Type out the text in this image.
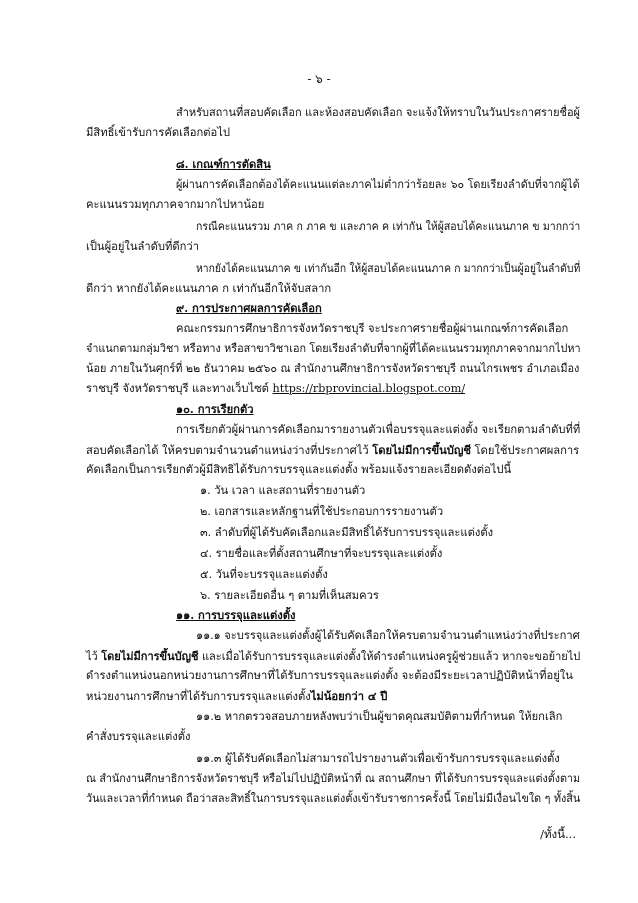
- ๖ -
สำหรับสถานที่สอบคัดเลือก และห้องสอบคัดเลือก จะแจ้งให้ทราบในวันประกาศรายชื่อผู้
มีสิทธิ์เข้ารับการคัดเลือกต่อไป
๘. เกณฑ์การตัดสิน
ผู้ผ่านการคัดเลือกต้องได้คะแนนแต่ละภาคไม่ต่ำกว่าร้อยละ ๖๐ โดยเรียงลำดับที่จากผู้ได้
คะแนนรวมทุกภาคจากมากไปหาน้อย
กรณีคะแนนรวม ภาค ก ภาค ข และภาค ค เท่ากัน ให้ผู้สอบได้คะแนนภาค ข มากกว่า
เป็นผู้อยู่ในลำดับที่ดีกว่า
หากยังได้คะแนนภาค ข เท่ากันอีก ให้ผู้สอบได้คะแนนภาค ก มากกว่าเป็นผู้อยู่ในลำดับที่
ดีกว่า หากยังได้คะแนนภาค ก เท่ากันอีกให้จับสลาก
๙. การประกาศผลการคัดเลือก
คณะกรรมการศึกษาธิการจังหวัดราชบุรี จะประกาศรายชื่อผู้ผ่านเกณฑ์การคัดเลือก
จำแนกตามกลุ่มวิชา หรือทาง หรือสาขาวิชาเอก โดยเรียงลำดับที่จากผู้ที่ได้คะแนนรวมทุกภาคจากมากไปหา
น้อย ภายในวันศุกร์ที่ ๒๒ ธันวาคม ๒๕๖๐ ณ สำนักงานศึกษาธิการจังหวัดราชบุรี ถนนไกรเพชร อำเภอเมือง
ราชบุรี จังหวัดราชบุรี และทางเว็บไซต์ https://rbprovincial.blogspot.com/
๑๐. การเรียกตัว
การเรียกตัวผู้ผ่านการคัดเลือกมารายงานตัวเพื่อบรรจุและแต่งตั้ง จะเรียกตามลำดับที่ที่
สอบคัดเลือกได้ ให้ครบตามจำนวนตำแหน่งว่างที่ประกาศไว้ โดยไม่มีการขึ้นบัญชี โดยใช้ประกาศผลการ
คัดเลือกเป็นการเรียกตัวผู้มีสิทธิได้รับการบรรจุและแต่งตั้ง พร้อมแจ้งรายละเอียดดังต่อไปนี้
๑. วัน เวลา และสถานที่รายงานตัว
๒. เอกสารและหลักฐานที่ใช้ประกอบการรายงานตัว
๓. ลำดับที่ผู้ได้รับคัดเลือกและมีสิทธิ์ได้รับการบรรจุและแต่งตั้ง
๔. รายชื่อและที่ตั้งสถานศึกษาที่จะบรรจุและแต่งตั้ง
๕. วันที่จะบรรจุและแต่งตั้ง
๖. รายละเอียดอื่น ๆ ตามที่เห็นสมควร
๑๑. การบรรจุและแต่งตั้ง
๑๑.๑ จะบรรจุและแต่งตั้งผู้ได้รับคัดเลือกให้ครบตามจำนวนตำแหน่งว่างที่ประกาศ
ไว้ โดยไม่มีการขึ้นบัญชี และเมื่อได้รับการบรรจุและแต่งตั้งให้ดำรงตำแหน่งครูผู้ช่วยแล้ว หากจะขอย้ายไป
ดำรงตำแหน่งนอกหน่วยงานการศึกษาที่ได้รับการบรรจุและแต่งตั้ง จะต้องมีระยะเวลาปฏิบัติหน้าที่อยู่ใน
หน่วยงานการศึกษาที่ได้รับการบรรจุและแต่งตั้งไม่น้อยกว่า ๔ ปี
๑๑.๒ หากตรวจสอบภายหลังพบว่าเป็นผู้ขาดคุณสมบัติตามที่กำหนด ให้ยกเลิก
คำสั่งบรรจุและแต่งตั้ง
๑๑.๓ ผู้ได้รับคัดเลือกไม่สามารถไปรายงานตัวเพื่อเข้ารับการบรรจุและแต่งตั้ง
ณ สำนักงานศึกษาธิการจังหวัดราชบุรี หรือไม่ไปปฏิบัติหน้าที่ ณ สถานศึกษา ที่ได้รับการบรรจุและแต่งตั้งตาม
วันและเวลาที่กำหนด ถือว่าสละสิทธิ์ในการบรรจุและแต่งตั้งเข้ารับราชการครั้งนี้ โดยไม่มีเงื่อนไขใด ๆ ทั้งสิ้น
/ทั้งนี้...
